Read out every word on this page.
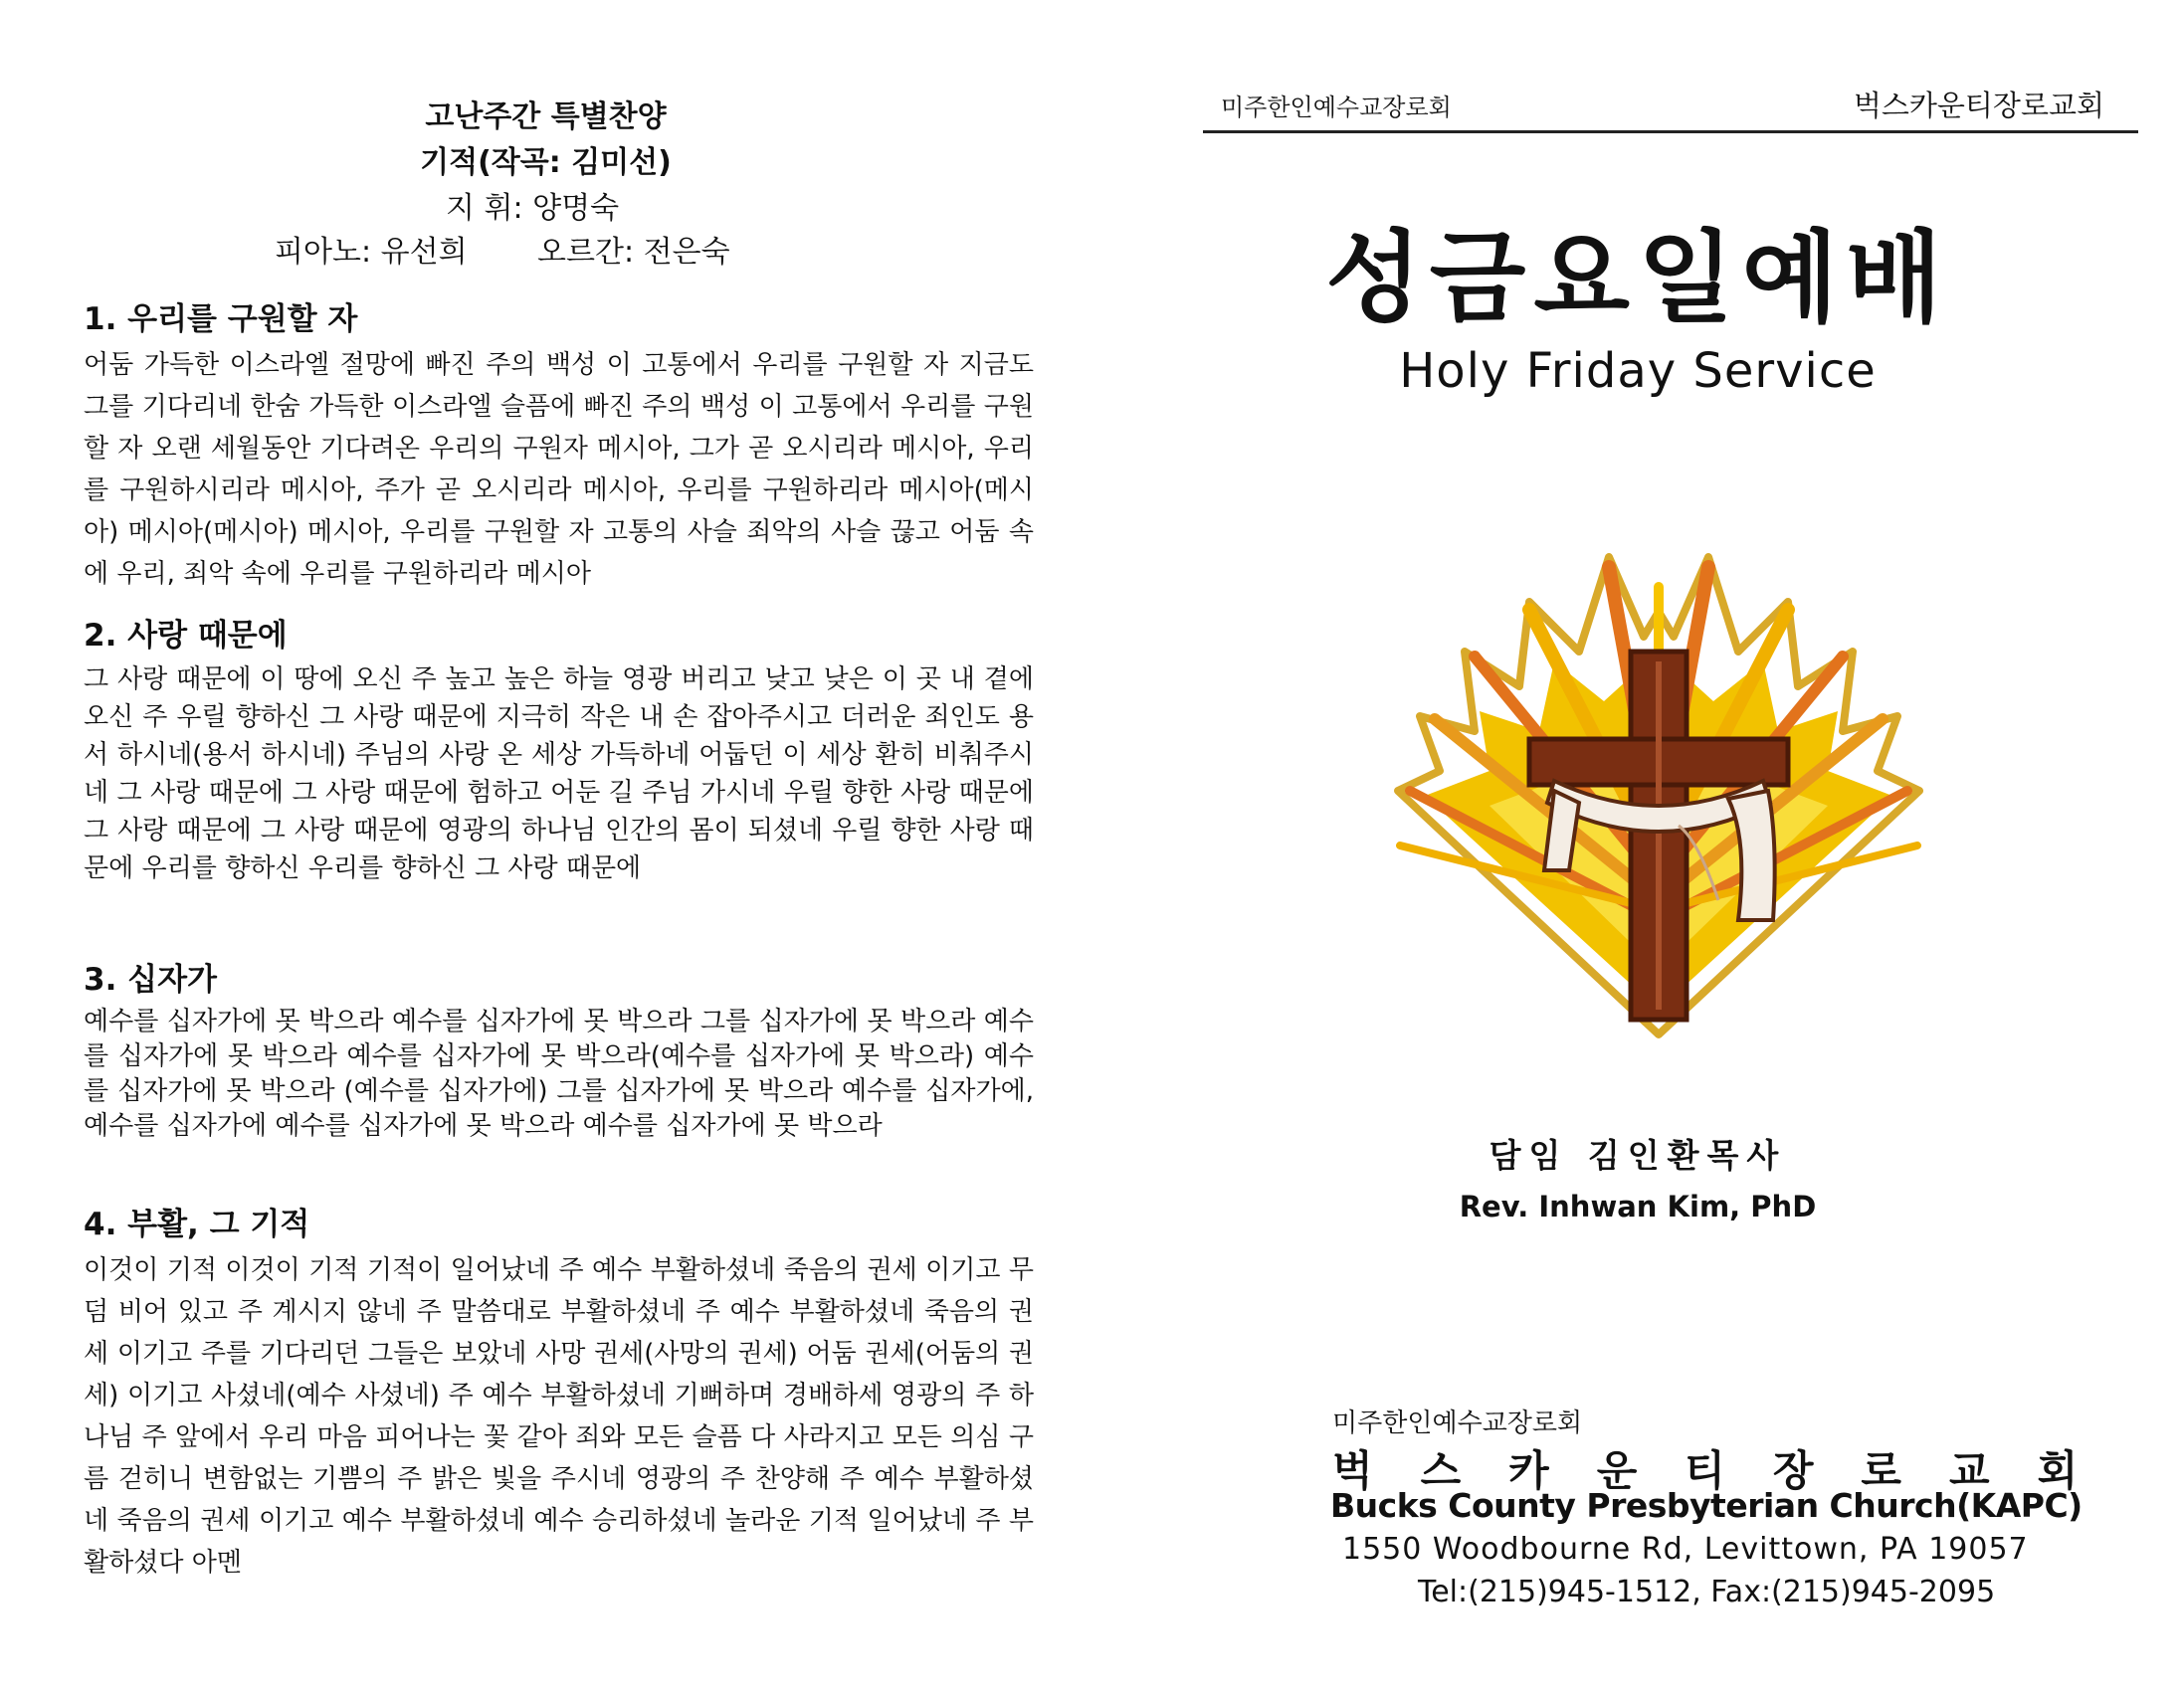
고난주간 특별찬양
기적(작곡: 김미선)
지 휘: 양명숙
피아노: 유선희 오르간: 전은숙
1. 우리를 구원할 자

어둠 가득한 이스라엘 절망에 빠진 주의 백성 이 고통에서 우리를 구원할 자 지금도 그를 기다리네 한숨 가득한 이스라엘 슬픔에 빠진 주의 백성 이 고통에서 우리를 구원할 자 오랜 세월동안 기다려온 우리의 구원자 메시아, 그가 곧 오시리라 메시아, 우리를 구원하시리라 메시아, 주가 곧 오시리라 메시아, 우리를 구원하리라 메시아(메시아) 메시아(메시아) 메시아, 우리를 구원할 자 고통의 사슬 죄악의 사슬 끊고 어둠 속에 우리, 죄악 속에 우리를 구원하리라 메시아

2. 사랑 때문에

그 사랑 때문에 이 땅에 오신 주 높고 높은 하늘 영광 버리고 낮고 낮은 이 곳 내 곁에 오신 주 우릴 향하신 그 사랑 때문에 지극히 작은 내 손 잡아주시고 더러운 죄인도 용서 하시네(용서 하시네) 주님의 사랑 온 세상 가득하네 어둡던 이 세상 환히 비춰주시네 그 사랑 때문에 그 사랑 때문에 험하고 어둔 길 주님 가시네 우릴 향한 사랑 때문에 그 사랑 때문에 그 사랑 때문에 영광의 하나님 인간의 몸이 되셨네 우릴 향한 사랑 때문에 우리를 향하신 우리를 향하신 그 사랑 때문에

3. 십자가

예수를 십자가에 못 박으라 예수를 십자가에 못 박으라 그를 십자가에 못 박으라 예수를 십자가에 못 박으라 예수를 십자가에 못 박으라(예수를 십자가에 못 박으라) 예수를 십자가에 못 박으라 (예수를 십자가에) 그를 십자가에 못 박으라 예수를 십자가에, 예수를 십자가에 예수를 십자가에 못 박으라 예수를 십자가에 못 박으라

4. 부활, 그 기적

이것이 기적 이것이 기적 기적이 일어났네 주 예수 부활하셨네 죽음의 권세 이기고 무덤 비어 있고 주 계시지 않네 주 말씀대로 부활하셨네 주 예수 부활하셨네 죽음의 권세 이기고 주를 기다리던 그들은 보았네 사망 권세(사망의 권세) 어둠 권세(어둠의 권세) 이기고 사셨네(예수 사셨네) 주 예수 부활하셨네 기뻐하며 경배하세 영광의 주 하나님 주 앞에서 우리 마음 피어나는 꽃 같아 죄와 모든 슬픔 다 사라지고 모든 의심 구름 걷히니 변함없는 기쁨의 주 밝은 빛을 주시네 영광의 주 찬양해 주 예수 부활하셨네 죽음의 권세 이기고 예수 부활하셨네 예수 승리하셨네 놀라운 기적 일어났네 주 부활하셨다 아멘

미주한인예수교장로회	벅스카운티장로교회
성금요일예배
Holy Friday Service
담임 김인환목사
Rev. Inhwan Kim, PhD
미주한인예수교장로회
벅스카운티장로교회
Bucks County Presbyterian Church(KAPC)
1550 Woodbourne Rd, Levittown, PA 19057
Tel:(215)945-1512, Fax:(215)945-2095
